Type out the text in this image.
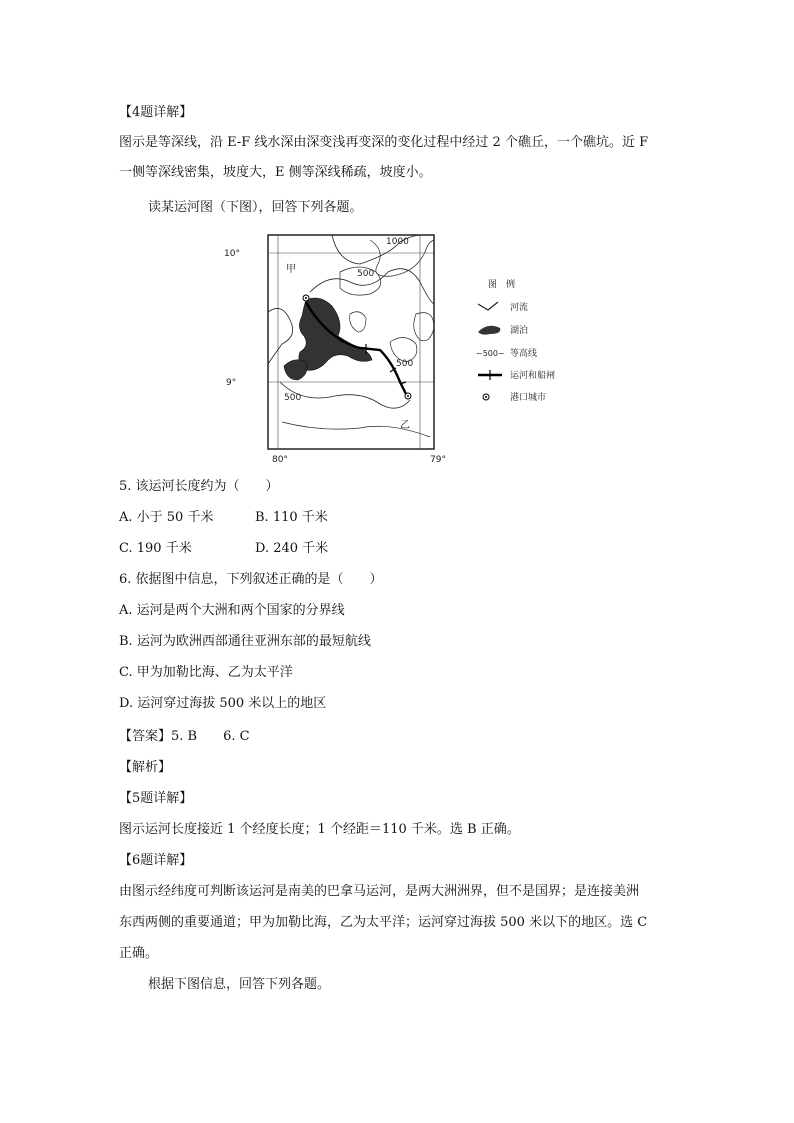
【4题详解】
图示是等深线，沿 E-F 线水深由深变浅再变深的变化过程中经过 2 个礁丘，一个礁坑。近 F
一侧等深线密集，坡度大，E 侧等深线稀疏，坡度小。
读某运河图（下图），回答下列各题。
10°
9°
80°	79°
甲
乙
1000
500
500
500
图　例
河流
湖泊
~500~ 等高线
运河和船闸
港口城市
5. 该运河长度约为（　　）
A. 小于 50 千米	B. 110 千米
C. 190 千米	D. 240 千米
6. 依据图中信息，下列叙述正确的是（　　）
A. 运河是两个大洲和两个国家的分界线
B. 运河为欧洲西部通往亚洲东部的最短航线
C. 甲为加勒比海、乙为太平洋
D. 运河穿过海拔 500 米以上的地区
【答案】5. B　　6. C
【解析】
【5题详解】
图示运河长度接近 1 个经度长度；1 个经距＝110 千米。选 B 正确。
【6题详解】
由图示经纬度可判断该运河是南美的巴拿马运河，是两大洲洲界，但不是国界；是连接美洲
东西两侧的重要通道；甲为加勒比海，乙为太平洋；运河穿过海拔 500 米以下的地区。选 C
正确。
根据下图信息，回答下列各题。
